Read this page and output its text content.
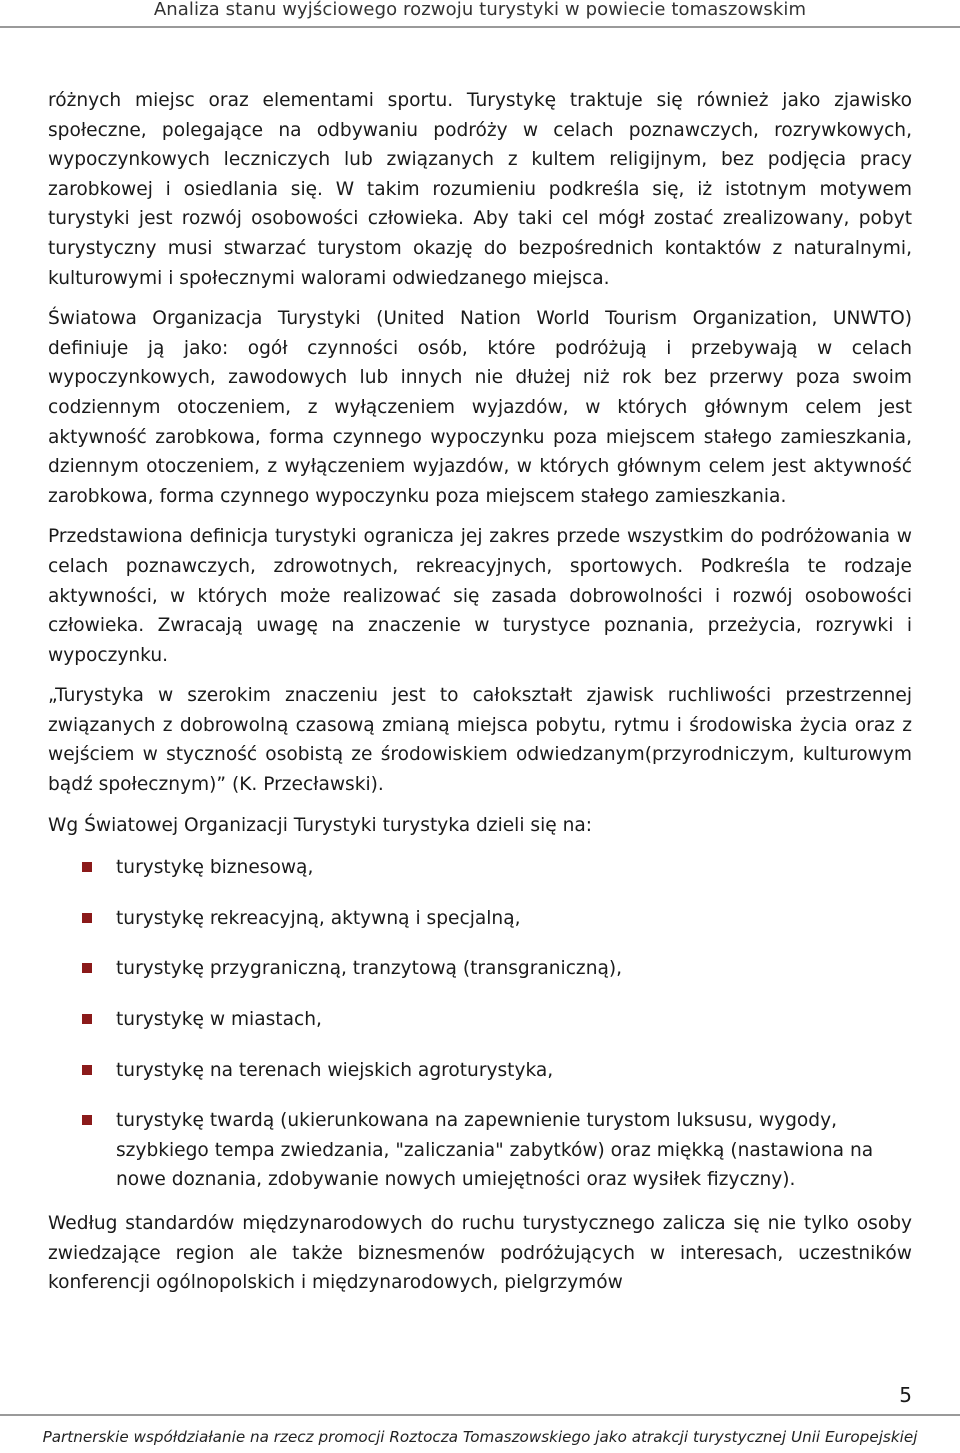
Analiza stanu wyjściowego rozwoju turystyki w powiecie tomaszowskim

różnych miejsc oraz elementami sportu. Turystykę traktuje się również jako zjawisko społeczne, polegające na odbywaniu podróży w celach poznawczych, rozrywkowych, wypoczynkowych leczniczych lub związanych z kultem religijnym, bez podjęcia pracy zarobkowej i osiedlania się. W takim rozumieniu podkreśla się, iż istotnym motywem turystyki jest rozwój osobowości człowieka. Aby taki cel mógł zostać zrealizowany, pobyt turystyczny musi stwarzać turystom okazję do bezpośrednich kontaktów z naturalnymi, kulturowymi i społecznymi walorami odwiedzanego miejsca.

Światowa Organizacja Turystyki (United Nation World Tourism Organization, UNWTO) definiuje ją jako: ogół czynności osób, które podróżują i przebywają w celach wypoczynkowych, zawodowych lub innych nie dłużej niż rok bez przerwy poza swoim codziennym otoczeniem, z wyłączeniem wyjazdów, w których głównym celem jest aktywność zarobkowa, forma czynnego wypoczynku poza miejscem stałego zamieszkania, dziennym otoczeniem, z wyłączeniem wyjazdów, w których głównym celem jest aktywność zarobkowa, forma czynnego wypoczynku poza miejscem stałego zamieszkania.

Przedstawiona definicja turystyki ogranicza jej zakres przede wszystkim do podróżowania w celach poznawczych, zdrowotnych, rekreacyjnych, sportowych. Podkreśla te rodzaje aktywności, w których może realizować się zasada dobrowolności i rozwój osobowości człowieka. Zwracają uwagę na znaczenie w turystyce poznania, przeżycia, rozrywki i wypoczynku.

„Turystyka w szerokim znaczeniu jest to całokształt zjawisk ruchliwości przestrzennej związanych z dobrowolną czasową zmianą miejsca pobytu, rytmu i środowiska życia oraz z wejściem w styczność osobistą ze środowiskiem odwiedzanym(przyrodniczym, kulturowym bądź społecznym)” (K. Przecławski).

Wg Światowej Organizacji Turystyki turystyka dzieli się na:

turystykę biznesową,
turystykę rekreacyjną, aktywną i specjalną,
turystykę przygraniczną, tranzytową (transgraniczną),
turystykę w miastach,
turystykę na terenach wiejskich agroturystyka,
turystykę twardą (ukierunkowana na zapewnienie turystom luksusu, wygody, szybkiego tempa zwiedzania, "zaliczania" zabytków) oraz miękką (nastawiona na nowe doznania, zdobywanie nowych umiejętności oraz wysiłek fizyczny).

Według standardów międzynarodowych do ruchu turystycznego zalicza się nie tylko osoby zwiedzające region ale także biznesmenów podróżujących w interesach, uczestników konferencji ogólnopolskich i międzynarodowych, pielgrzymów

5
Partnerskie współdziałanie na rzecz promocji Roztocza Tomaszowskiego jako atrakcji turystycznej Unii Europejskiej
